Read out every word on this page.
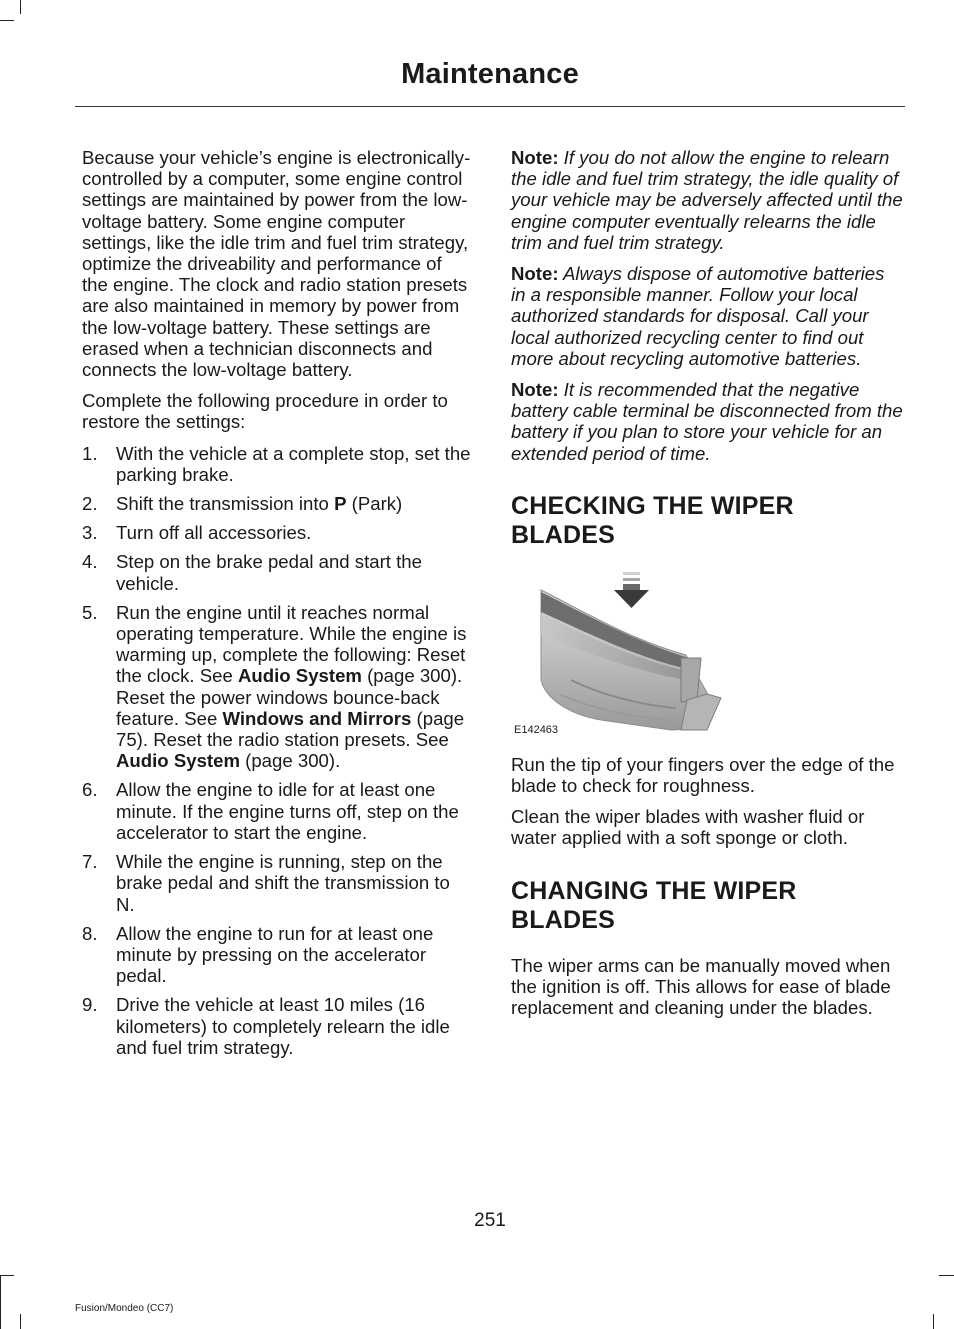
Maintenance

Because your vehicle’s engine is electronically-controlled by a computer, some engine control settings are maintained by power from the low-voltage battery. Some engine computer settings, like the idle trim and fuel trim strategy, optimize the driveability and performance of the engine. The clock and radio station presets are also maintained in memory by power from the low-voltage battery. These settings are erased when a technician disconnects and connects the low-voltage battery.

Complete the following procedure in order to restore the settings:

1. With the vehicle at a complete stop, set the parking brake.
2. Shift the transmission into P (Park)
3. Turn off all accessories.
4. Step on the brake pedal and start the vehicle.
5. Run the engine until it reaches normal operating temperature. While the engine is warming up, complete the following: Reset the clock. See Audio System (page 300). Reset the power windows bounce-back feature. See Windows and Mirrors (page 75). Reset the radio station presets. See Audio System (page 300).
6. Allow the engine to idle for at least one minute. If the engine turns off, step on the accelerator to start the engine.
7. While the engine is running, step on the brake pedal and shift the transmission to N.
8. Allow the engine to run for at least one minute by pressing on the accelerator pedal.
9. Drive the vehicle at least 10 miles (16 kilometers) to completely relearn the idle and fuel trim strategy.

Note: If you do not allow the engine to relearn the idle and fuel trim strategy, the idle quality of your vehicle may be adversely affected until the engine computer eventually relearns the idle trim and fuel trim strategy.

Note: Always dispose of automotive batteries in a responsible manner. Follow your local authorized standards for disposal. Call your local authorized recycling center to find out more about recycling automotive batteries.

Note: It is recommended that the negative battery cable terminal be disconnected from the battery if you plan to store your vehicle for an extended period of time.

CHECKING THE WIPER BLADES
E142463

Run the tip of your fingers over the edge of the blade to check for roughness.

Clean the wiper blades with washer fluid or water applied with a soft sponge or cloth.

CHANGING THE WIPER BLADES

The wiper arms can be manually moved when the ignition is off. This allows for ease of blade replacement and cleaning under the blades.

251
Fusion/Mondeo (CC7)
